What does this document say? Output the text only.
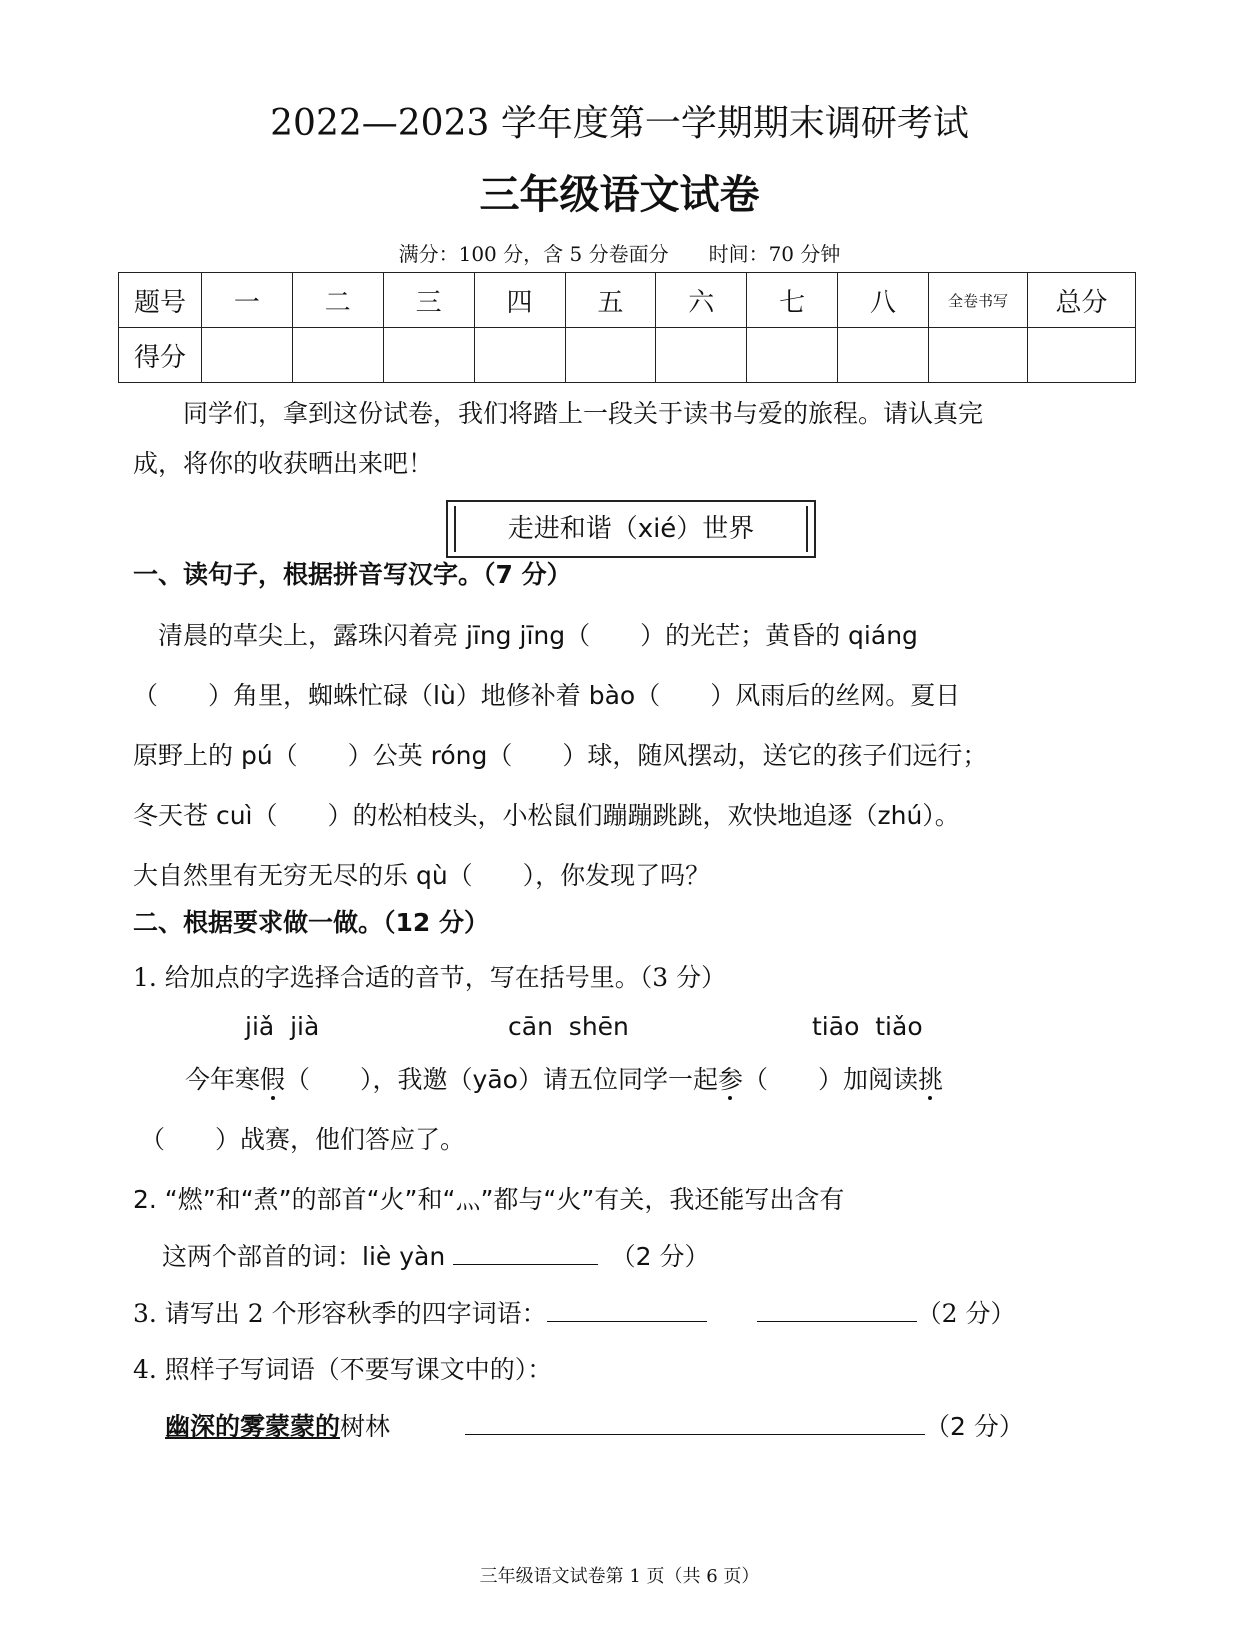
2022—2023 学年度第一学期期末调研考试
三年级语文试卷
满分：100 分，含 5 分卷面分　　时间：70 分钟
题号	一	二	三	四	五	六	七	八	全卷书写	总分
得分										
　　同学们，拿到这份试卷，我们将踏上一段关于读书与爱的旅程。请认真完
成，将你的收获晒出来吧！
走进和谐（xié）世界
一、读句子，根据拼音写汉字。（7 分）
　清晨的草尖上，露珠闪着亮 jīng jīng（　　）的光芒；黄昏的 qiáng
（　　）角里，蜘蛛忙碌（lù）地修补着 bào（　　）风雨后的丝网。夏日
原野上的 pú（　　）公英 róng（　　）球，随风摆动，送它的孩子们远行；
冬天苍 cuì（　　）的松柏枝头，小松鼠们蹦蹦跳跳，欢快地追逐（zhú）。
大自然里有无穷无尽的乐 qù（　　），你发现了吗？
二、根据要求做一做。（12 分）
1. 给加点的字选择合适的音节，写在括号里。（3 分）
jiǎ  jià	cān  shēn	tiāo  tiǎo
今年寒假（　　），我邀（yāo）请五位同学一起参（　　）加阅读挑
（　　）战赛，他们答应了。
2. “燃”和“煮”的部首“火”和“灬”都与“火”有关，我还能写出含有
这两个部首的词：liè yàn 　	（2 分）
3. 请写出 2 个形容秋季的四字词语：　　	（2 分）
4. 照样子写词语（不要写课文中的）：
幽深的雾蒙蒙的树林　　　	（2 分）
三年级语文试卷第 1 页（共 6 页）
